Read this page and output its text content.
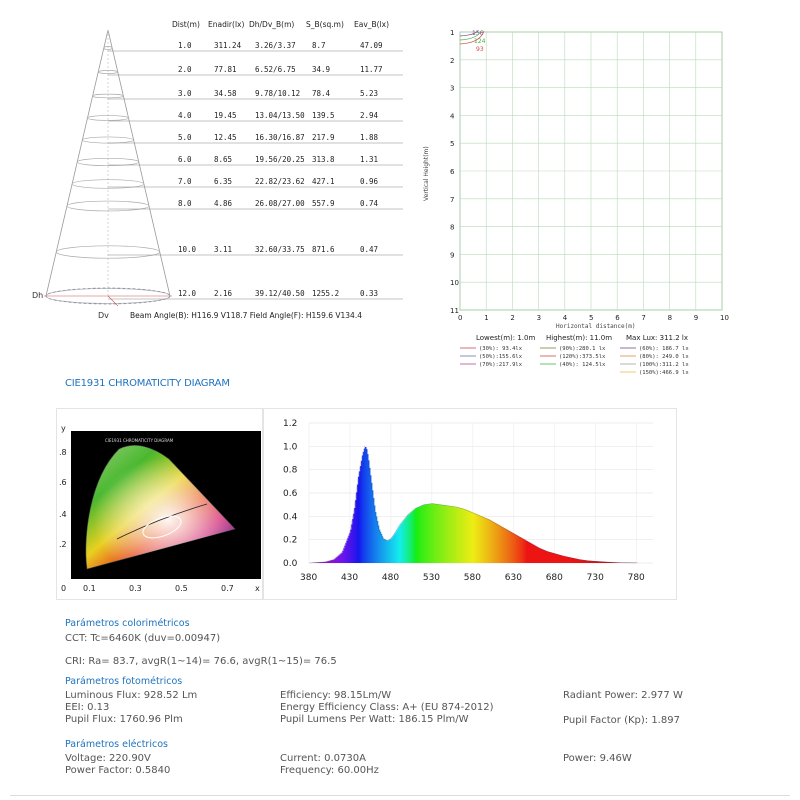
Dh
Dv
Dist(m) Enadir(lx) Dh/Dv_B(m) S_B(sq.m) Eav_B(lx)
1.0	311.24 3.26/3.37 8.7	47.09
2.0	77.81 6.52/6.75 34.9	11.77
3.0	34.58 9.78/10.12 78.4	5.23
4.0	19.45 13.04/13.50 139.5	2.94
5.0	12.45 16.30/16.87 217.9	1.88
6.0	8.65	19.56/20.25 313.8	1.31
7.0	6.35	22.82/23.62 427.1	0.96
8.0	4.86	26.08/27.00 557.9	0.74
10.0 3.11	32.60/33.75 871.6	0.47
12.0 2.16	39.12/40.50 1255.2	0.33
Beam Angle(B): H116.9 V118.7 Field Angle(F): H159.6 V134.4	0	1	2	3	4	5	6	7	8	9	10
1
2
3
4
5
6
7
8
9
10
11
Horizontal distance(m)
Vertical Height(m)
156
124
93
Lowest(m): 1.0m Highest(m): 11.0m Max Lux: 311.2 lx
(30%): 93.4lx	(90%):280.1 lx	(60%): 186.7 lx
(50%):155.6lx	(120%):373.5lx	(80%): 249.0 lx
(70%):217.9lx	(40%): 124.5lx	(100%):311.2 lx
(150%):466.9 lx
CIE1931 CHROMATICITY DIAGRAM
CIE1931 CHROMATICITY DIAGRAM
y
.8
.6
.4
.2
0 0.1	0.3	0.5	0.7	x
0.0
0.2
0.4
0.6
0.8
1.0
1.2
380	430	480	530	580	630	680	730	780
Parámetros colorimétricos
CCT: Tc=6460K (duv=0.00947)
CRI: Ra= 83.7, avgR(1~14)= 76.6, avgR(1~15)= 76.5
Parámetros fotométricos
Luminous Flux: 928.52 Lm
EEI: 0.13
Pupil Flux: 1760.96 Plm
Efficiency: 98.15Lm/W
Energy Efficiency Class: A+ (EU 874-2012)
Pupil Lumens Per Watt: 186.15 Plm/W
Radiant Power: 2.977 W
Pupil Factor (Kp): 1.897
Parámetros eléctricos
Voltage: 220.90V
Power Factor: 0.5840
Current: 0.0730A
Frequency: 60.00Hz
Power: 9.46W
